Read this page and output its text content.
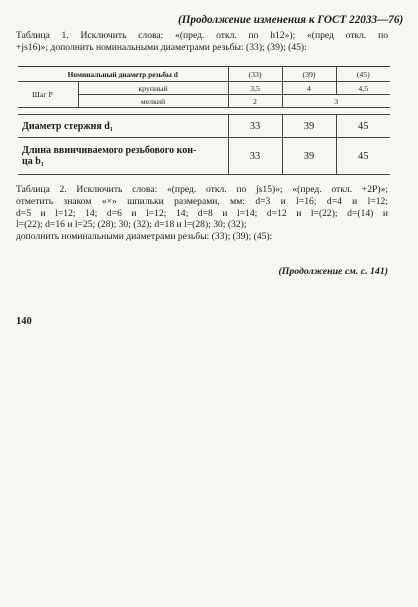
(Продолжение изменения к ГОСТ 22033—76)

Таблица 1. Исключить слова: «(пред. откл. по h12»); «(пред откл. по
+js16)»; дополнить номинальными диаметрами резьбы: (33); (39); (45):

Номинальный диаметр резьбы d		(33)	(39)	(45)
Шаг P	крупный	3,5	4	4,5
	мелкий	2	3	

Диаметр стержня d₁		33	39	45
Длина ввинчиваемого резьбового кон-
ца b₁		33	39	45
Таблица 2. Исключить слова: «(пред. откл. по js15)»; «(пред. откл. +2P)»;
отметить знаком «×» шпильки размерами, мм: d=3 и l=16; d=4 и l=12;
d=5 и l=12; 14; d=6 и l=12; 14; d=8 и l=14; d=12 и l=(22); d=(14) и
l=(22); d=16 и l=25; (28); 30; (32); d=18 и l=(28); 30; (32);
дополнить номинальными диаметрами резьбы: (33); (39); (45):
(Продолжение см. с. 141)
140
